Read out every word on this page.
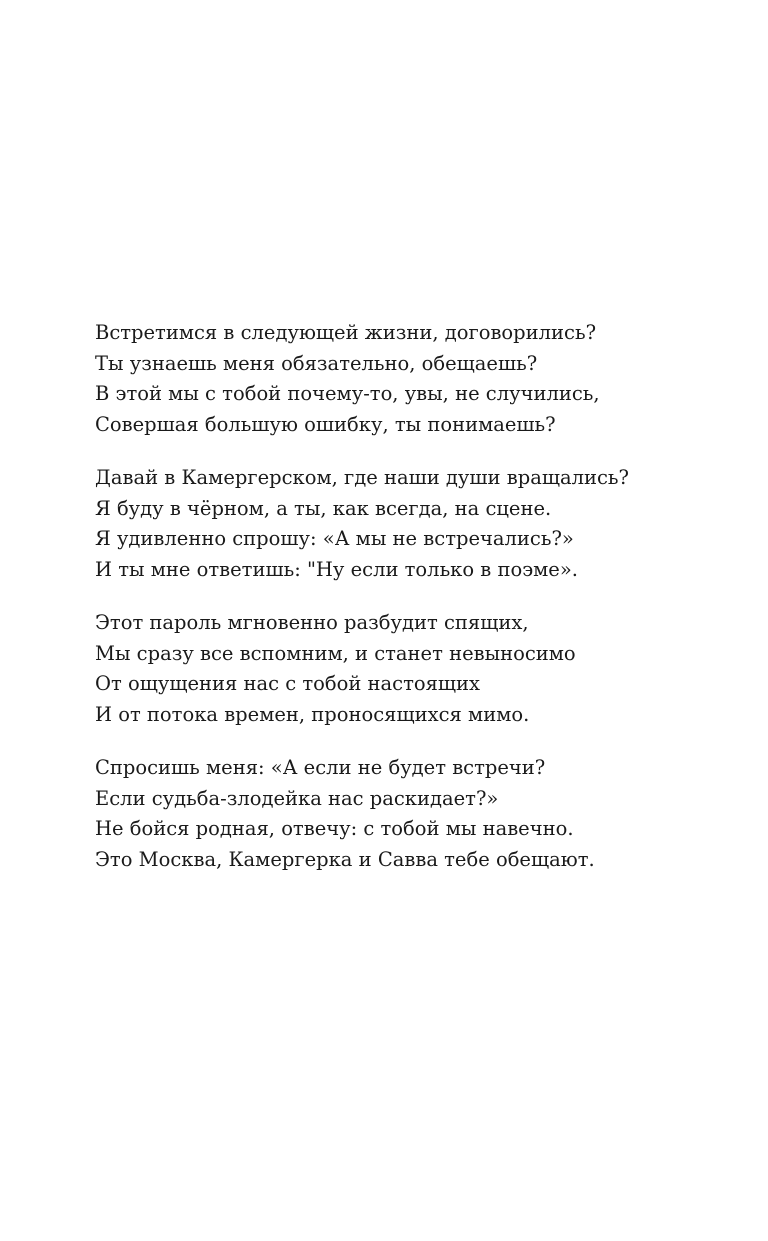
Встретимся в следующей жизни, договорились?
Ты узнаешь меня обязательно, обещаешь?
В этой мы с тобой почему-то, увы, не случились,
Совершая большую ошибку, ты понимаешь?
Давай в Камергерском, где наши души вращались?
Я буду в чёрном, а ты, как всегда, на сцене.
Я удивленно спрошу: «А мы не встречались?»
И ты мне ответишь: "Ну если только в поэме».
Этот пароль мгновенно разбудит спящих,
Мы сразу все вспомним, и станет невыносимо
От ощущения нас с тобой настоящих
И от потока времен, проносящихся мимо.
Спросишь меня: «А если не будет встречи?
Если судьба-злодейка нас раскидает?»
Не бойся родная, отвечу: с тобой мы навечно.
Это Москва, Камергерка и Савва тебе обещают.
